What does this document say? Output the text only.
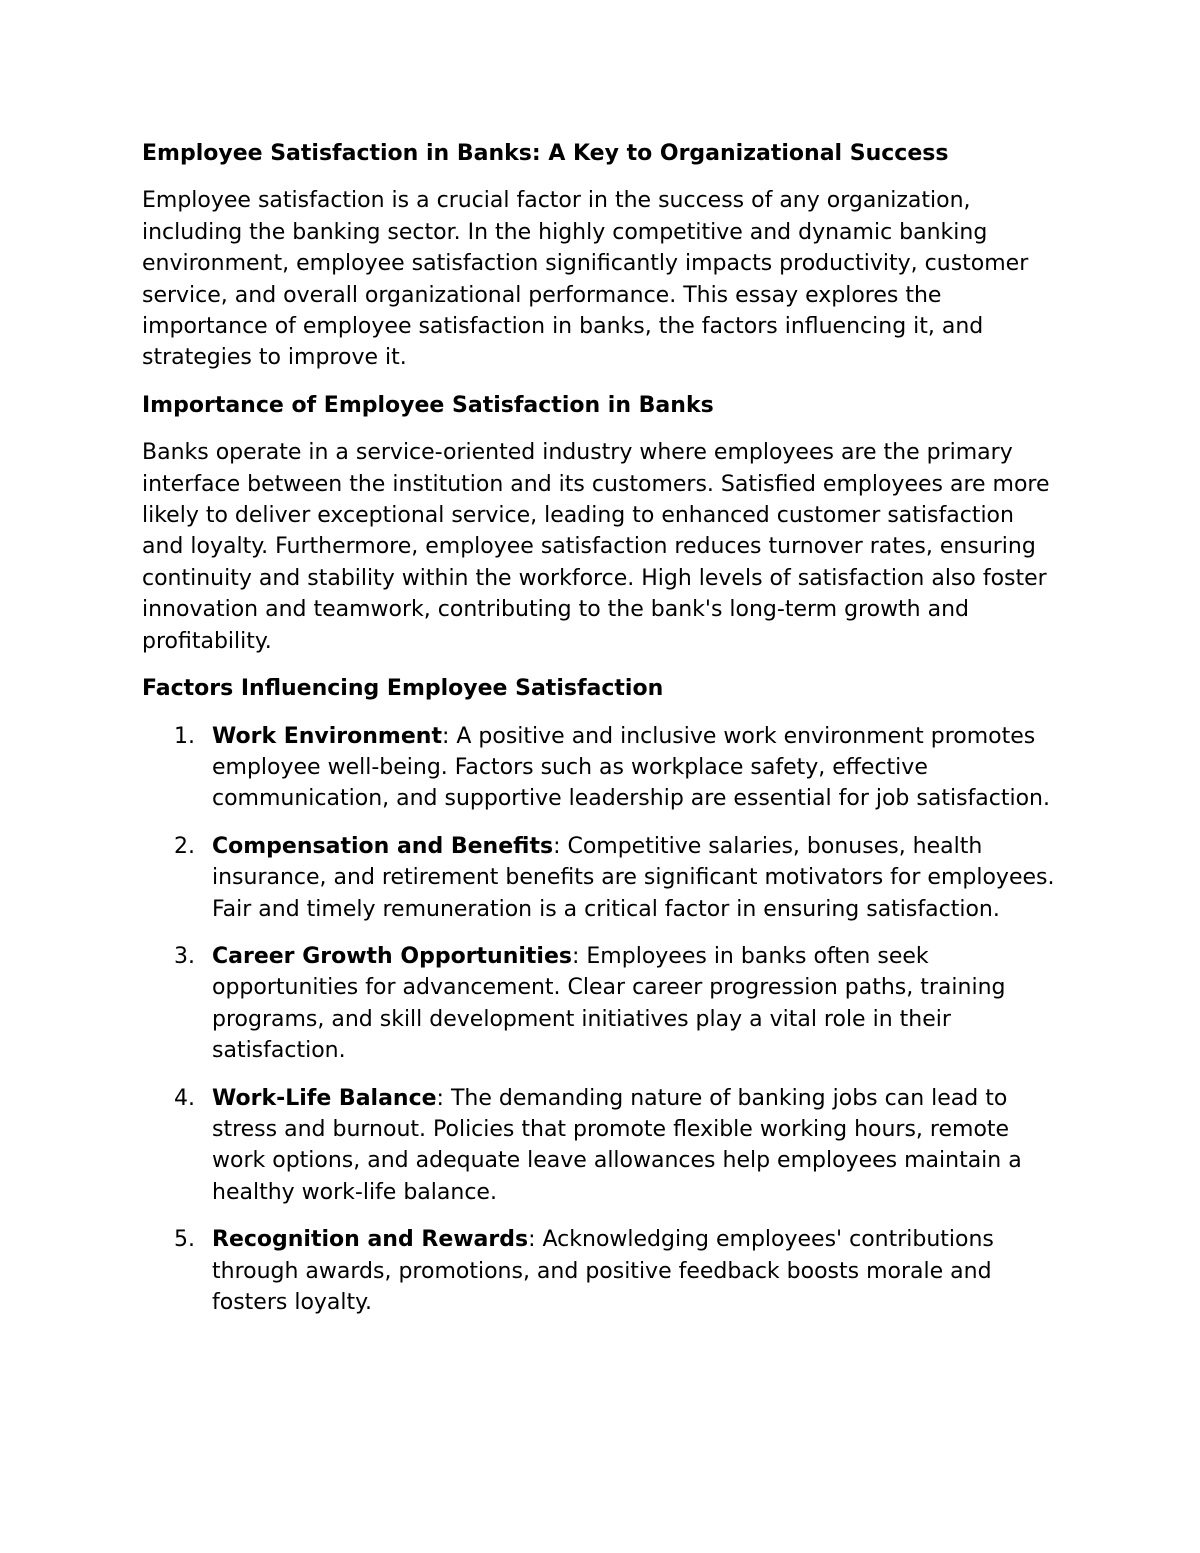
Employee Satisfaction in Banks: A Key to Organizational Success

Employee satisfaction is a crucial factor in the success of any organization, including the banking sector. In the highly competitive and dynamic banking environment, employee satisfaction significantly impacts productivity, customer service, and overall organizational performance. This essay explores the importance of employee satisfaction in banks, the factors influencing it, and strategies to improve it.

Importance of Employee Satisfaction in Banks

Banks operate in a service-oriented industry where employees are the primary interface between the institution and its customers. Satisfied employees are more likely to deliver exceptional service, leading to enhanced customer satisfaction and loyalty. Furthermore, employee satisfaction reduces turnover rates, ensuring continuity and stability within the workforce. High levels of satisfaction also foster innovation and teamwork, contributing to the bank's long-term growth and profitability.

Factors Influencing Employee Satisfaction
1. Work Environment: A positive and inclusive work environment promotes employee well-being. Factors such as workplace safety, effective communication, and supportive leadership are essential for job satisfaction.
2. Compensation and Benefits: Competitive salaries, bonuses, health insurance, and retirement benefits are significant motivators for employees. Fair and timely remuneration is a critical factor in ensuring satisfaction.
3. Career Growth Opportunities: Employees in banks often seek opportunities for advancement. Clear career progression paths, training programs, and skill development initiatives play a vital role in their satisfaction.
4. Work-Life Balance: The demanding nature of banking jobs can lead to stress and burnout. Policies that promote flexible working hours, remote work options, and adequate leave allowances help employees maintain a healthy work-life balance.
5. Recognition and Rewards: Acknowledging employees' contributions through awards, promotions, and positive feedback boosts morale and fosters loyalty.
